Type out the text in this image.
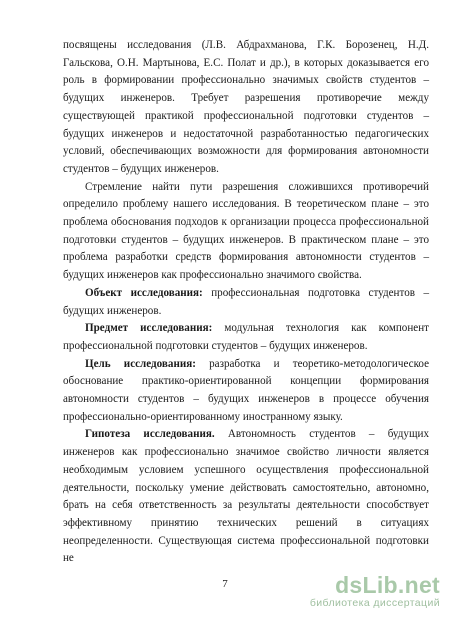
посвящены исследования (Л.В. Абдрахманова, Г.К. Борозенец, Н.Д. Гальскова, О.Н. Мартынова, Е.С. Полат и др.), в которых доказывается его роль в формировании профессионально значимых свойств студентов – будущих инженеров. Требует разрешения противоречие между существующей практикой профессиональной подготовки студентов – будущих инженеров и недостаточной разработанностью педагогических условий, обеспечивающих возможности для формирования автономности студентов – будущих инженеров.

Стремление найти пути разрешения сложившихся противоречий определило проблему нашего исследования. В теоретическом плане – это проблема обоснования подходов к организации процесса профессиональной подготовки студентов – будущих инженеров. В практическом плане – это проблема разработки средств формирования автономности студентов – будущих инженеров как профессионально значимого свойства.

Объект исследования: профессиональная подготовка студентов – будущих инженеров.

Предмет исследования: модульная технология как компонент профессиональной подготовки студентов – будущих инженеров.

Цель исследования: разработка и теоретико-методологическое обоснование практико-ориентированной концепции формирования автономности студентов – будущих инженеров в процессе обучения профессионально-ориентированному иностранному языку.

Гипотеза исследования. Автономность студентов – будущих инженеров как профессионально значимое свойство личности является необходимым условием успешного осуществления профессиональной деятельности, поскольку умение действовать самостоятельно, автономно, брать на себя ответственность за результаты деятельности способствует эффективному принятию технических решений в ситуациях неопределенности. Существующая система профессиональной подготовки не

7	dsLib.net
библиотека диссертаций
